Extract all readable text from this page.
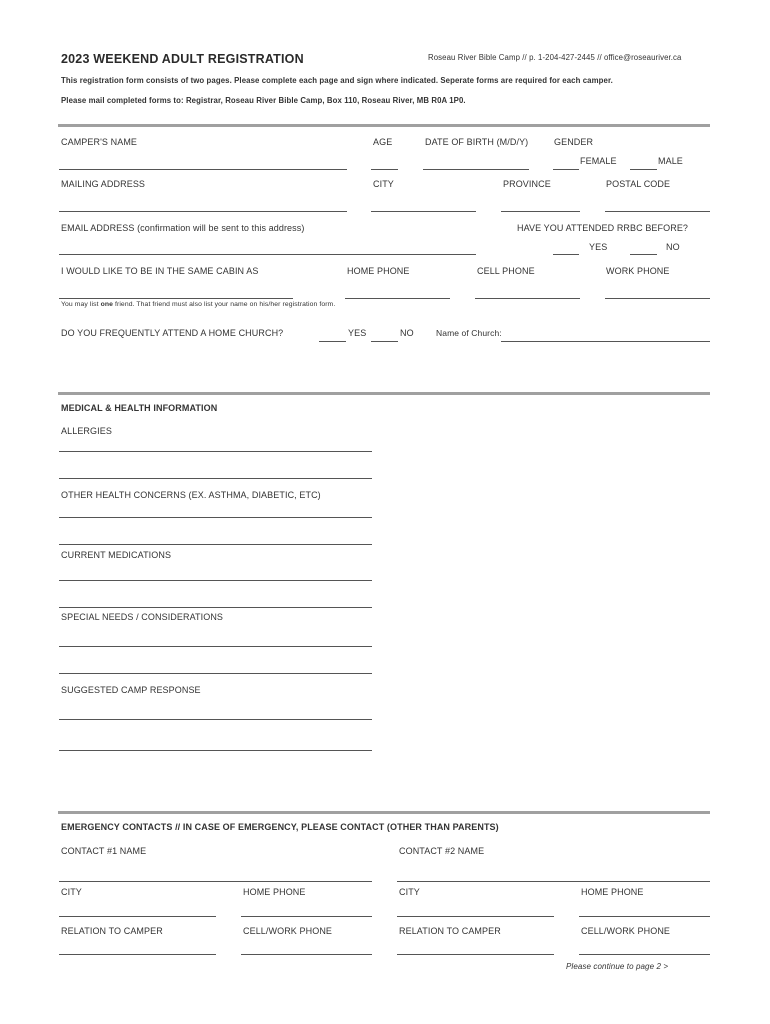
2023 WEEKEND ADULT REGISTRATION	Roseau River Bible Camp // p. 1-204-427-2445 // office@roseauriver.ca
This registration form consists of two pages. Please complete each page and sign where indicated. Seperate forms are required for each camper.
Please mail completed forms to: Registrar, Roseau River Bible Camp, Box 110, Roseau River, MB R0A 1P0.
CAMPER'S NAME	AGE	DATE OF BIRTH (M/D/Y)	GENDER
FEMALE	MALE
MAILING ADDRESS	CITY	PROVINCE	POSTAL CODE
EMAIL ADDRESS (confirmation will be sent to this address)	HAVE YOU ATTENDED RRBC BEFORE?
YES	NO
I WOULD LIKE TO BE IN THE SAME CABIN AS	HOME PHONE	CELL PHONE	WORK PHONE
You may list one friend. That friend must also list your name on his/her registration form.
DO YOU FREQUENTLY ATTEND A HOME CHURCH?	YES	NO	Name of Church:
MEDICAL & HEALTH INFORMATION
ALLERGIES
OTHER HEALTH CONCERNS (EX. ASTHMA, DIABETIC, ETC)
CURRENT MEDICATIONS
SPECIAL NEEDS / CONSIDERATIONS
SUGGESTED CAMP RESPONSE
EMERGENCY CONTACTS // IN CASE OF EMERGENCY, PLEASE CONTACT (OTHER THAN PARENTS)
CONTACT #1 NAME	CONTACT #2 NAME
CITY	HOME PHONE	CITY	HOME PHONE
RELATION TO CAMPER	CELL/WORK PHONE	RELATION TO CAMPER	CELL/WORK PHONE
Please continue to page 2 >
